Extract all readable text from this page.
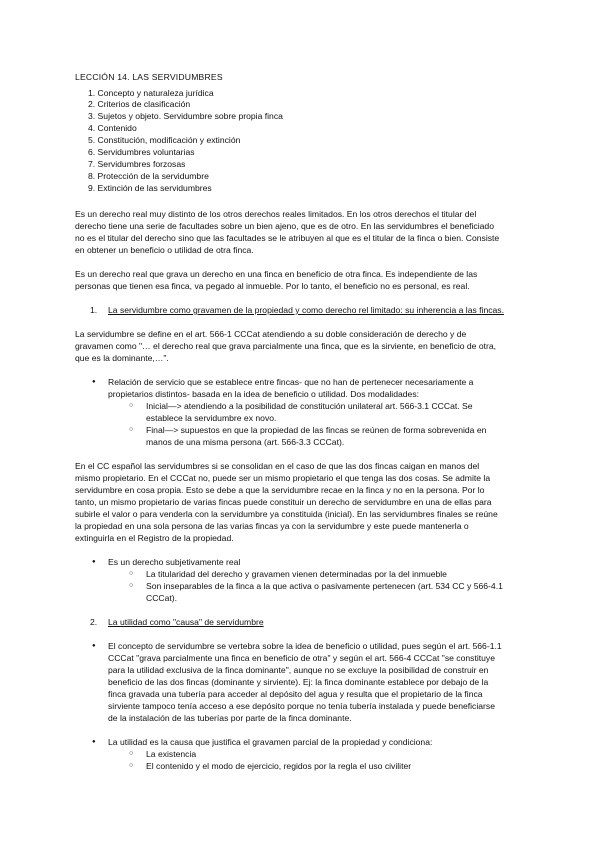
LECCIÓN 14. LAS SERVIDUMBRES
1. Concepto y naturaleza jurídica
2. Criterios de clasificación
3. Sujetos y objeto. Servidumbre sobre propia finca
4. Contenido
5. Constitución, modificación y extinción
6. Servidumbres voluntarias
7. Servidumbres forzosas
8. Protección de la servidumbre
9. Extinción de las servidumbres
Es un derecho real muy distinto de los otros derechos reales limitados. En los otros derechos el titular del
derecho tiene una serie de facultades sobre un bien ajeno, que es de otro. En las servidumbres el beneficiado
no es el titular del derecho sino que las facultades se le atribuyen al que es el titular de la finca o bien. Consiste
en obtener un beneficio o utilidad de otra finca.
Es un derecho real que grava un derecho en una finca en beneficio de otra finca. Es independiente de las
personas que tienen esa finca, va pegado al inmueble. Por lo tanto, el beneficio no es personal, es real.
1. La servidumbre como gravamen de la propiedad y como derecho rel limitado: su inherencia a las fincas.
La servidumbre se define en el art. 566-1 CCCat atendiendo a su doble consideración de derecho y de
gravamen como "… el derecho real que grava parcialmente una finca, que es la sirviente, en beneficio de otra,
que es la dominante,…".
● Relación de servicio que se establece entre fincas- que no han de pertenecer necesariamente a
propietarios distintos- basada en la idea de beneficio o utilidad. Dos modalidades:
○ Inicial—> atendiendo a la posibilidad de constitución unilateral art. 566-3.1 CCCat. Se
establece la servidumbre ex novo.
○ Final—> supuestos en que la propiedad de las fincas se reúnen de forma sobrevenida en
manos de una misma persona (art. 566-3.3 CCCat).
En el CC español las servidumbres si se consolidan en el caso de que las dos fincas caigan en manos del
mismo propietario. En el CCCat no, puede ser un mismo propietario el que tenga las dos cosas. Se admite la
servidumbre en cosa propia. Esto se debe a que la servidumbre recae en la finca y no en la persona. Por lo
tanto, un mismo propietario de varias fincas puede constituir un derecho de servidumbre en una de ellas para
subirle el valor o para venderla con la servidumbre ya constituida (inicial). En las servidumbres finales se reúne
la propiedad en una sola persona de las varias fincas ya con la servidumbre y este puede mantenerla o
extinguirla en el Registro de la propiedad.
● Es un derecho subjetivamente real
○ La titularidad del derecho y gravamen vienen determinadas por la del inmueble
○ Son inseparables de la finca a la que activa o pasivamente pertenecen (art. 534 CC y 566-4.1
CCCat).
2. La utilidad como "causa" de servidumbre
● El concepto de servidumbre se vertebra sobre la idea de beneficio o utilidad, pues según el art. 566-1.1
CCCat "grava parcialmente una finca en beneficio de otra" y según el art. 566-4 CCCat "se constituye
para la utilidad exclusiva de la finca dominante", aunque no se excluye la posibilidad de construir en
beneficio de las dos fincas (dominante y sirviente). Ej: la finca dominante establece por debajo de la
finca gravada una tubería para acceder al depósito del agua y resulta que el propietario de la finca
sirviente tampoco tenía acceso a ese depósito porque no tenía tubería instalada y puede beneficiarse
de la instalación de las tuberías por parte de la finca dominante.
● La utilidad es la causa que justifica el gravamen parcial de la propiedad y condiciona:
○ La existencia
○ El contenido y el modo de ejercicio, regidos por la regla el uso civiliter
